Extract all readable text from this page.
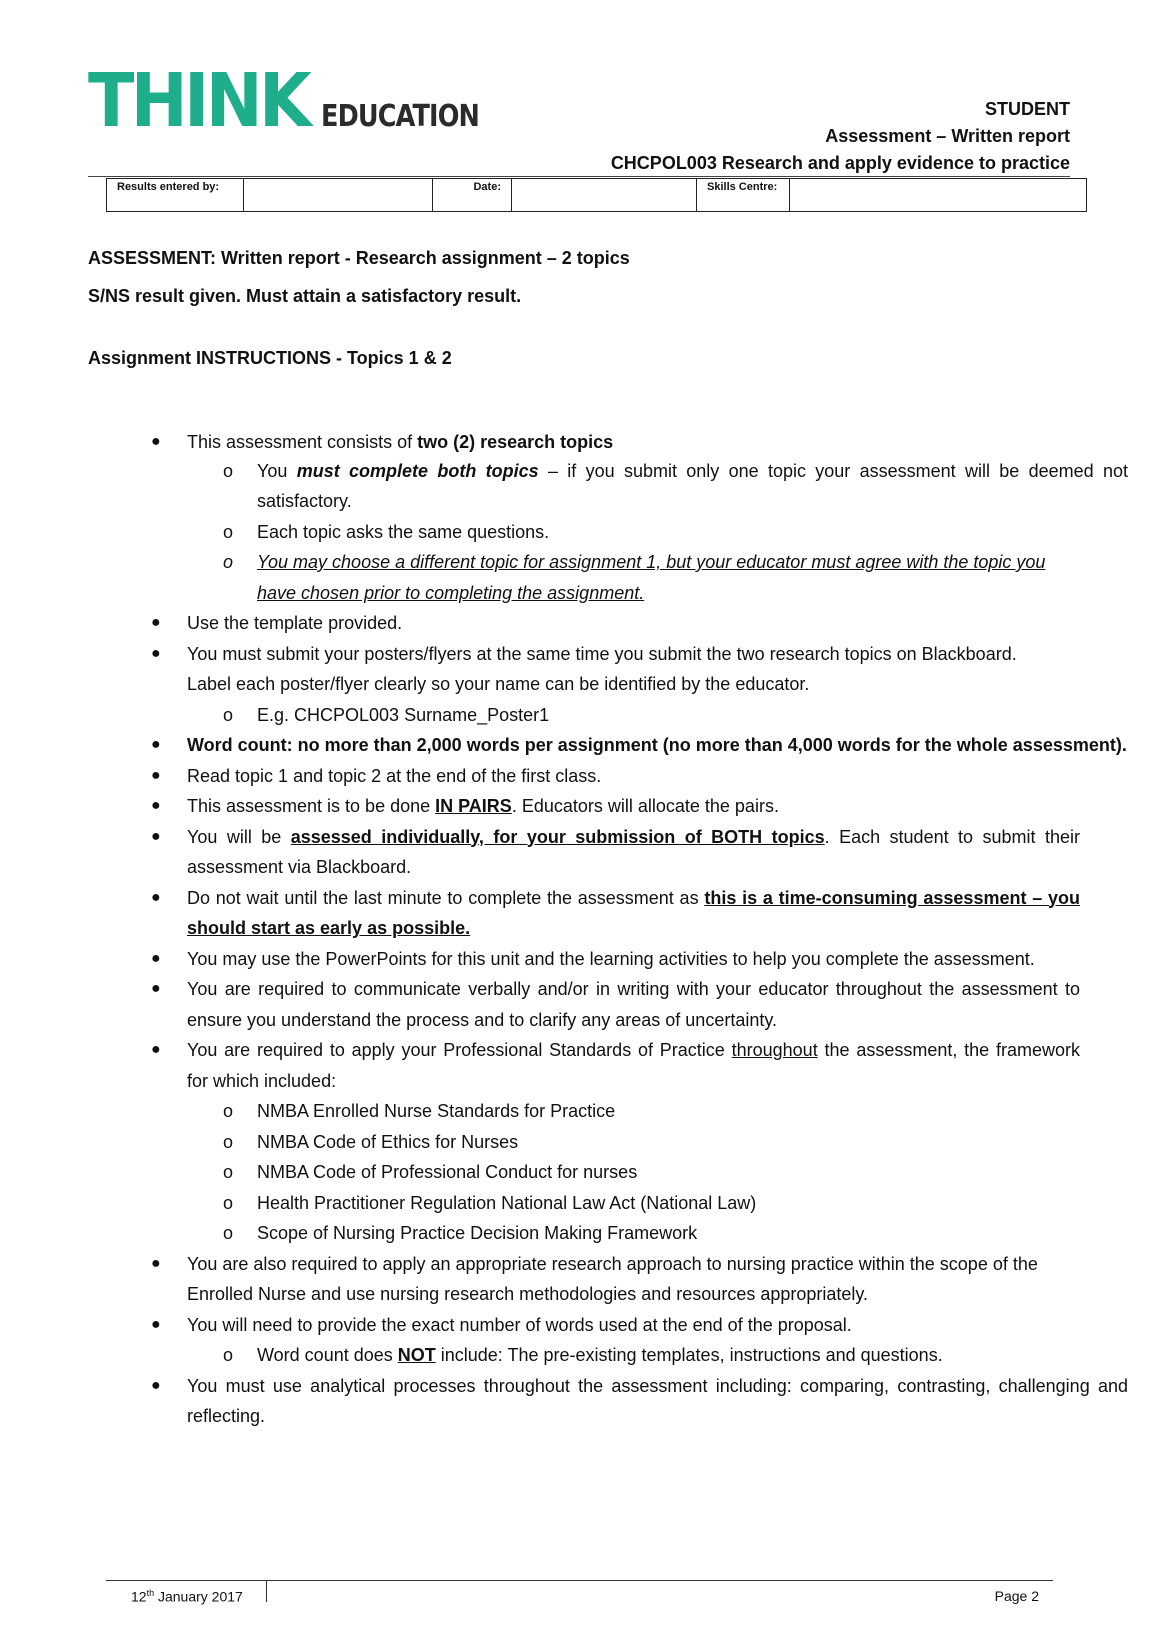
THINK EDUCATION	STUDENT
Assessment – Written report
CHCPOL003 Research and apply evidence to practice
Results entered by:		Date:		Skills Centre:	
ASSESSMENT: Written report - Research assignment – 2 topics
S/NS result given. Must attain a satisfactory result.
Assignment INSTRUCTIONS - Topics 1 & 2
● This assessment consists of two (2) research topics
o You must complete both topics – if you submit only one topic your assessment will be deemed not satisfactory.
o Each topic asks the same questions.
o You may choose a different topic for assignment 1, but your educator must agree with the topic you have chosen prior to completing the assignment.
● Use the template provided.
● You must submit your posters/flyers at the same time you submit the two research topics on Blackboard. Label each poster/flyer clearly so your name can be identified by the educator.
o E.g. CHCPOL003 Surname_Poster1
● Word count: no more than 2,000 words per assignment (no more than 4,000 words for the whole assessment).
● Read topic 1 and topic 2 at the end of the first class.
● This assessment is to be done IN PAIRS. Educators will allocate the pairs.
● You will be assessed individually, for your submission of BOTH topics. Each student to submit their assessment via Blackboard.
● Do not wait until the last minute to complete the assessment as this is a time-consuming assessment – you should start as early as possible.
● You may use the PowerPoints for this unit and the learning activities to help you complete the assessment.
● You are required to communicate verbally and/or in writing with your educator throughout the assessment to ensure you understand the process and to clarify any areas of uncertainty.
● You are required to apply your Professional Standards of Practice throughout the assessment, the framework for which included:
o NMBA Enrolled Nurse Standards for Practice
o NMBA Code of Ethics for Nurses
o NMBA Code of Professional Conduct for nurses
o Health Practitioner Regulation National Law Act (National Law)
o Scope of Nursing Practice Decision Making Framework
● You are also required to apply an appropriate research approach to nursing practice within the scope of the Enrolled Nurse and use nursing research methodologies and resources appropriately.
● You will need to provide the exact number of words used at the end of the proposal.
o Word count does NOT include: The pre-existing templates, instructions and questions.
● You must use analytical processes throughout the assessment including: comparing, contrasting, challenging and reflecting.
12th January 2017	Page 2
